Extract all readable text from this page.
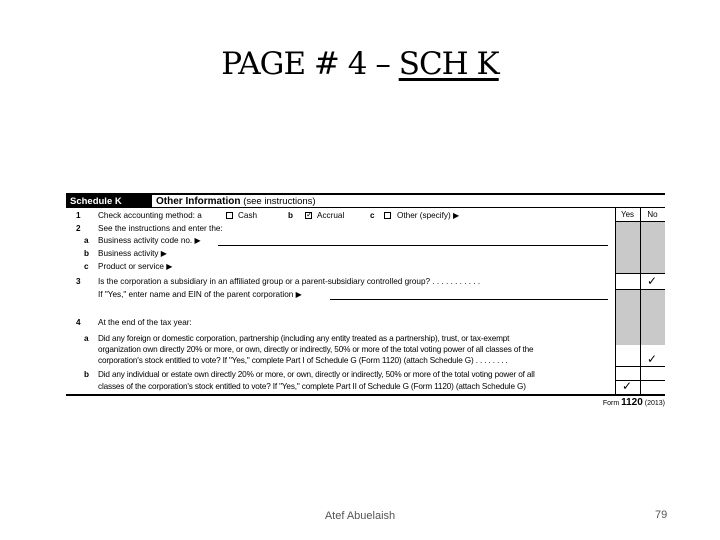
PAGE # 4 – SCH K
Schedule K	Other Information (see instructions)
Yes	No
✓
✓
✓
1 Check accounting method: a	Cash	b
✓	Accrual	c	Other (specify) ▶
2 See the instructions and enter the:
a Business activity code no. ▶
b Business activity ▶
c Product or service ▶
3 Is the corporation a subsidiary in an affiliated group or a parent-subsidiary controlled group? . . . . . . . . . . .
If "Yes," enter name and EIN of the parent corporation ▶
4 At the end of the tax year:
a Did any foreign or domestic corporation, partnership (including any entity treated as a partnership), trust, or tax-exempt
organization own directly 20% or more, or own, directly or indirectly, 50% or more of the total voting power of all classes of the
corporation's stock entitled to vote? If "Yes," complete Part I of Schedule G (Form 1120) (attach Schedule G) . . . . . . . .
b Did any individual or estate own directly 20% or more, or own, directly or indirectly, 50% or more of the total voting power of all
classes of the corporation's stock entitled to vote? If "Yes," complete Part II of Schedule G (Form 1120) (attach Schedule G)
Form 1120 (2013)
Atef Abuelaish	79
